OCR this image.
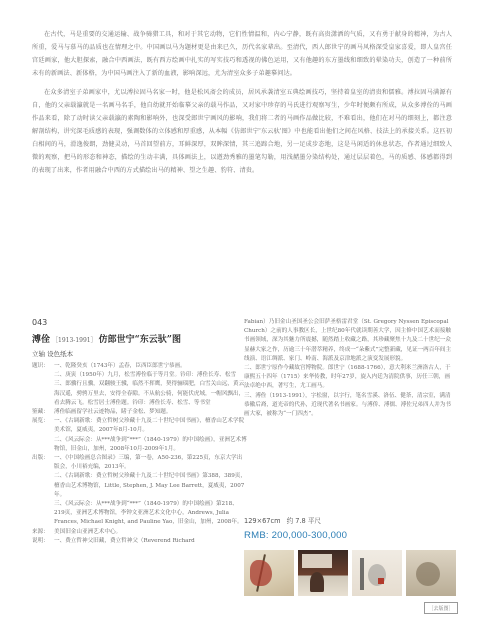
在古代，马是重要的交通运输、战争骑猎工具，和对于其它动物，它们性情温和，内心宁静，既有高贵潇洒的气质，又有勇于献身的精神，为古人所重，爱马与慕马的品质也在情理之中。中国画以马为题材更是由来已久，历代名家辈出。至清代，西人郎世宁的画马风格深受皇家喜爱，即人皇宫任宫廷画家，他大胆探索，融合中西画法，既有西方绘画中扎实的写实技巧和透视的佛色运用，又有他趣的东方墨线和细致的晕染功夫，创造了一种前所未有的新画法、新体格，为中国马画注入了新的血液，影响深远，尤为清室众多子弟趣摹问达。

在众多清室子弟画家中，尤以溥拉固马名家一时，他是松风斋会的成员，居风承袭清室五典绘画技巧，坚持着皇室的清贵和儒雅。溥拉固马满源有自，他的父亲载瀛就是一名画马名手，他自幼就开始临摹父亲的载马作品，又对家中珍存的马氏进行观察写生，少年时便颇有所成，从众多溥佺的马画作品来看，除了动时读父亲载瀛的素陶和影响外，也深受郎世宁画风的影响，我们将二者的马画作品做比较，不难看出，他们在对马的细刻上，都注意解剖结构，讲究深毛质感的表现，强调数体的立体感和厚重感，从本幅《仿郎世宁'东云驮'图》中也能看出他们之间在风格、技法上的承接关系。这匹初白相间的马，滑逸俊朗，劲健灵动，马首回望前方，耳鲜深厚，双眸深情，其三追蹄合地，另一足成步态地，这是马闲适的休息状态，作者通过细致人微的观察，把马的形态和神态，描绘的生动丰满，具体画法上，以遒劲秀雅的墨笔勾勒，用浅赭墨分染结构处，通过层层着色，马的质感、体感都得到的表现了出来，作者用融合中西的方式描绘出马的精神、望之生趣、豹符、清贵。

043
溥佺 ［1913-1991］ 仿郎世宁“东云驮”图
立轴 设色纸本
题识： 一、乾隆癸亥（1743年）孟春，臣西臣郎世宁恭画。

二、庚寅（1950年）九月，松雪溥佺临于等月堂。钤印：溥佺长寿、松雪

三、郎骥行且骥，双翻骏王骥，临然不挥鹰，契得骊瑙肥，白雪关山远，黄云海汉遥，骋骋万里去，安得全春隙。不从航公骑，何能伏虎域，一帽风飘出，看去腾云飞。松雪居士溥佺题。钤印：溥佺长寿、松雪、等书堂

鉴藏： 溥佺临画留学社云迹物品，睹子金松、梦知题。

展览： 一、《古调新歌：费立哲树父珍藏十九及二十世纪中国书画》，檀香山艺术学院美术馆，夏威夷，2007年8月-10月。

二、《风云际会：从***战争到“***”（1840-1979）的中国绘画》，亚洲艺术博物馆，旧金山，加州，2008年10月-2009年1月。

出版： 一、《中国绘画总合图录》三编，第一卷，A50-236，第225页，东京大学出版会，小川裕充编，2013年。

二、《古调新歌：费立哲树父珍藏十九及二十世纪中国书画》第388，389页，檀香山艺术博物馆，Little, Stephen, J. May Lee Barrett，夏威夷，2007年。

三、《风云际会：从***战争到“***”（1840-1979）的中国绘画》第218、219页，亚洲艺术博物馆，李钟文亚洲艺术文化中心，Andrews, Julia Frances, Michael Knight, and Pauline Yao，旧金山，加州，2008年。

来源： 美国旧金山亚洲艺术中心。

说明： 一、费立哲神父旧藏，费立哲神父（Reverend Richard

Fabian）乃旧金山圣国圣公会旧萨圣格雷君堂（St. Gregory Nyssen Episcopal Church）之前的人事教区长，上世纪80年代就读期善大学，因主修中国艺术而接触书画领域，深为其魅力所震撼，随然踏上收藏之路，其珍藏聚焦十九及二十世纪一众显赫大家之作，历逾三十年潜萃精养，终成一“朵紫式”完整新藏，见证一两百年间主线演、语江绸派、家门、岭南、海派及京津地派之演变发展形貌。

二、郎世宁原作今藏故宫博物院。郎世宁（1688-1766），意大利米兰洲洛古人，于康熙五十四年（1715）来华传教，时年27岁，旋入内廷为清院供事，历任三朝，画法卓绝中西，著写生，尤工画马。

三、溥佺（1913-1991），字松窗，以字行，笔名雪溪、洛伍、健荼，清宗室，满清恭徽后裔，道光帝的代孙，近现代著名书画家。与溥侨、溥儒、溥佐兄弟四人并为书画大家，被称为“一门四杰”。

129×67cm 约 7.8 平尺
RMB: 200,000-300,000
［去版图］
